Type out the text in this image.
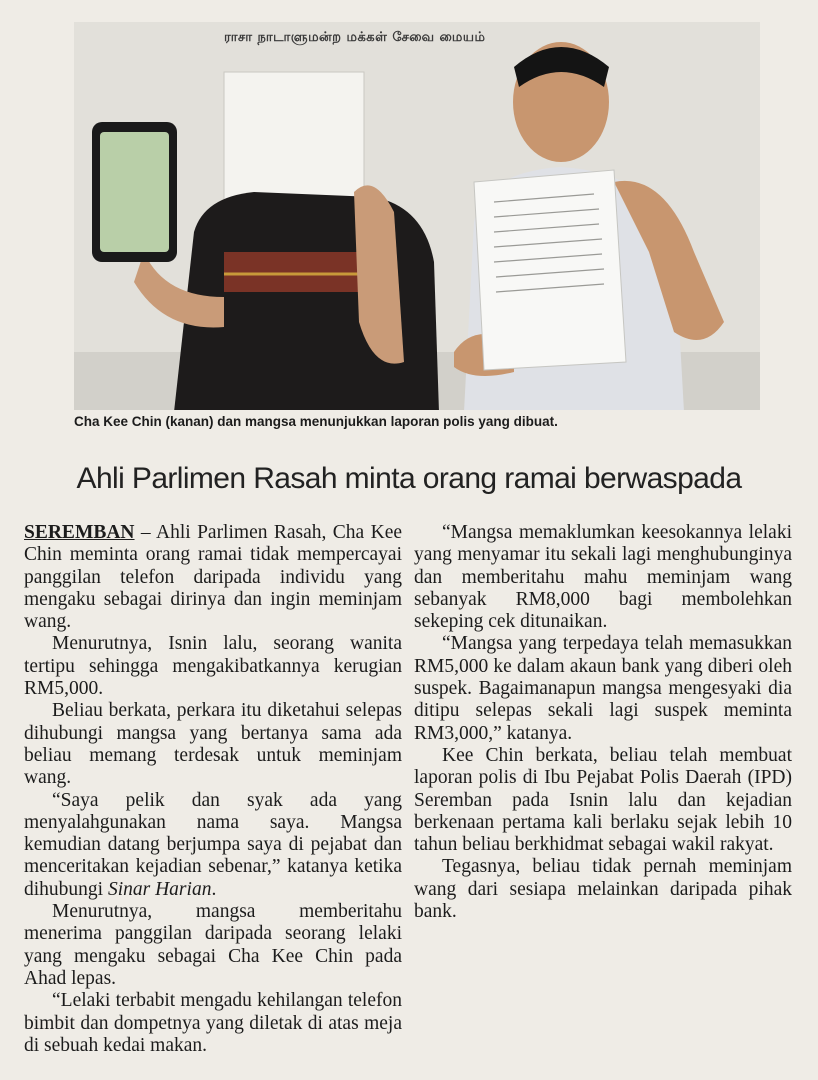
ராசா நாடாளுமன்ற மக்கள் சேவை மையம்
Cha Kee Chin (kanan) dan mangsa menunjukkan laporan polis yang dibuat.
Ahli Parlimen Rasah minta orang ramai berwaspada

SEREMBAN – Ahli Parlimen Rasah, Cha Kee Chin meminta orang ramai tidak mempercayai panggilan telefon daripada individu yang mengaku sebagai dirinya dan ingin meminjam wang.

Menurutnya, Isnin lalu, seorang wanita tertipu sehingga mengakibatkannya kerugian RM5,000.

Beliau berkata, perkara itu diketahui selepas dihubungi mangsa yang bertanya sama ada beliau memang terdesak untuk meminjam wang.

“Saya pelik dan syak ada yang menyalahgunakan nama saya. Mangsa kemudian datang berjumpa saya di pejabat dan menceritakan kejadian sebenar,” katanya ketika dihubungi Sinar Harian.

Menurutnya, mangsa memberitahu menerima panggilan daripada seorang lelaki yang mengaku sebagai Cha Kee Chin pada Ahad lepas.

“Lelaki terbabit mengadu kehilangan telefon bimbit dan dompetnya yang diletak di atas meja di sebuah kedai makan.

“Mangsa memaklumkan keesokannya lelaki yang menyamar itu sekali lagi menghubunginya dan memberitahu mahu meminjam wang sebanyak RM8,000 bagi membolehkan sekeping cek ditunaikan.

“Mangsa yang terpedaya telah memasukkan RM5,000 ke dalam akaun bank yang diberi oleh suspek. Bagaimanapun mangsa mengesyaki dia ditipu selepas sekali lagi suspek meminta RM3,000,” katanya.

Kee Chin berkata, beliau telah membuat laporan polis di Ibu Pejabat Polis Daerah (IPD) Seremban pada Isnin lalu dan kejadian berkenaan pertama kali berlaku sejak lebih 10 tahun beliau berkhidmat sebagai wakil rakyat.

Tegasnya, beliau tidak pernah meminjam wang dari sesiapa melainkan daripada pihak bank.
